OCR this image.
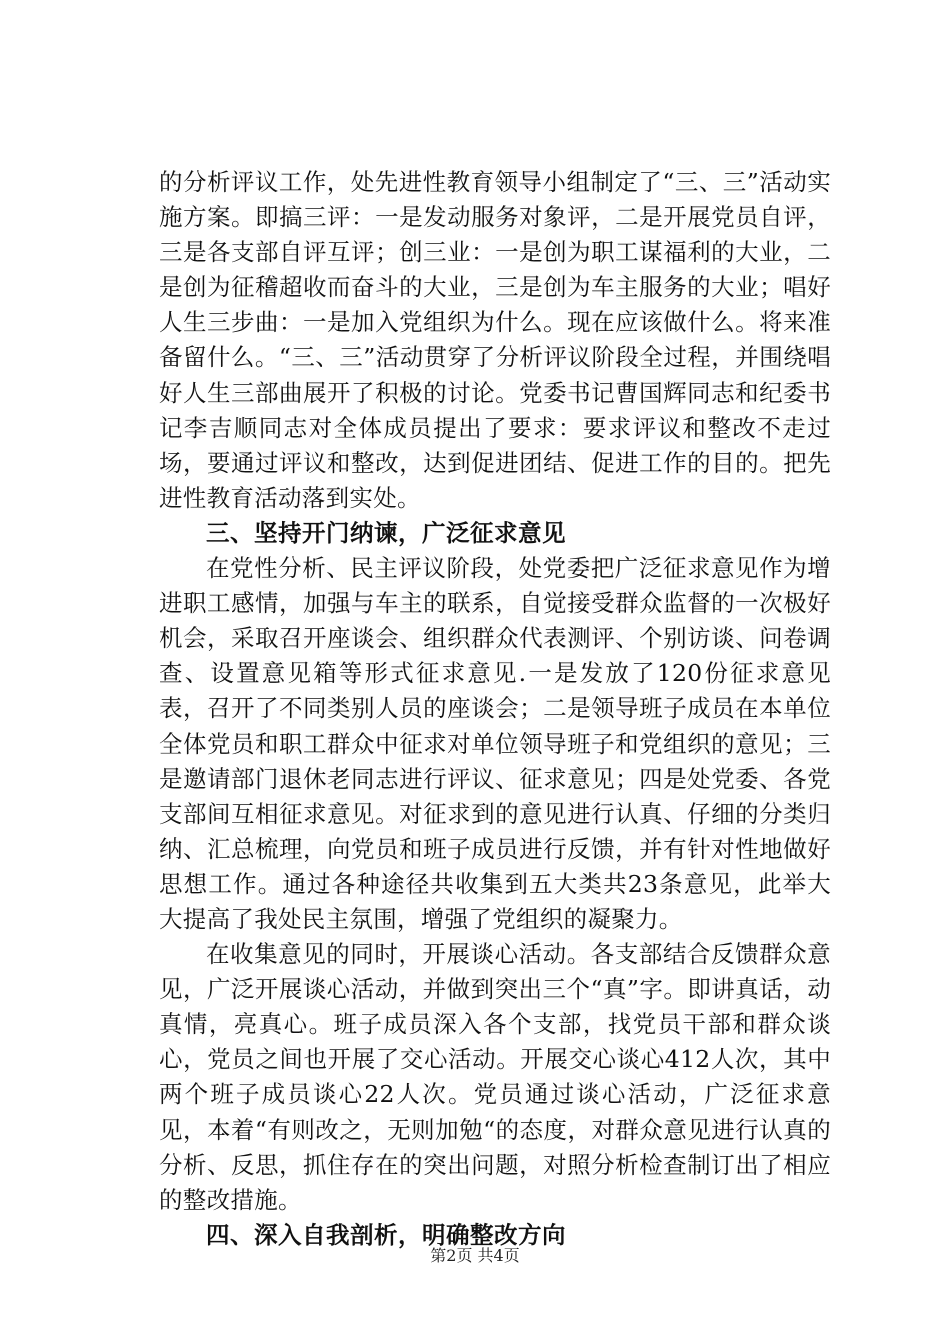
的分析评议工作，处先进性教育领导小组制定了“三、三”活动实施方案。即搞三评：一是发动服务对象评，二是开展党员自评，三是各支部自评互评；创三业：一是创为职工谋福利的大业，二是创为征稽超收而奋斗的大业，三是创为车主服务的大业；唱好人生三步曲：一是加入党组织为什么。现在应该做什么。将来准备留什么。“三、三”活动贯穿了分析评议阶段全过程，并围绕唱好人生三部曲展开了积极的讨论。党委书记曹国辉同志和纪委书记李吉顺同志对全体成员提出了要求：要求评议和整改不走过场，要通过评议和整改，达到促进团结、促进工作的目的。把先进性教育活动落到实处。

三、坚持开门纳谏，广泛征求意见

在党性分析、民主评议阶段，处党委把广泛征求意见作为增进职工感情，加强与车主的联系，自觉接受群众监督的一次极好机会，采取召开座谈会、组织群众代表测评、个别访谈、问卷调查、设置意见箱等形式征求意见.一是发放了120份征求意见表，召开了不同类别人员的座谈会；二是领导班子成员在本单位全体党员和职工群众中征求对单位领导班子和党组织的意见；三是邀请部门退休老同志进行评议、征求意见；四是处党委、各党支部间互相征求意见。对征求到的意见进行认真、仔细的分类归纳、汇总梳理，向党员和班子成员进行反馈，并有针对性地做好思想工作。通过各种途径共收集到五大类共23条意见，此举大大提高了我处民主氛围，增强了党组织的凝聚力。

在收集意见的同时，开展谈心活动。各支部结合反馈群众意见，广泛开展谈心活动，并做到突出三个“真”字。即讲真话，动真情，亮真心。班子成员深入各个支部，找党员干部和群众谈心，党员之间也开展了交心活动。开展交心谈心412人次，其中两个班子成员谈心22人次。党员通过谈心活动，广泛征求意见，本着“有则改之，无则加勉“的态度，对群众意见进行认真的分析、反思，抓住存在的突出问题，对照分析检查制订出了相应的整改措施。

四、深入自我剖析，明确整改方向

第2页 共4页
